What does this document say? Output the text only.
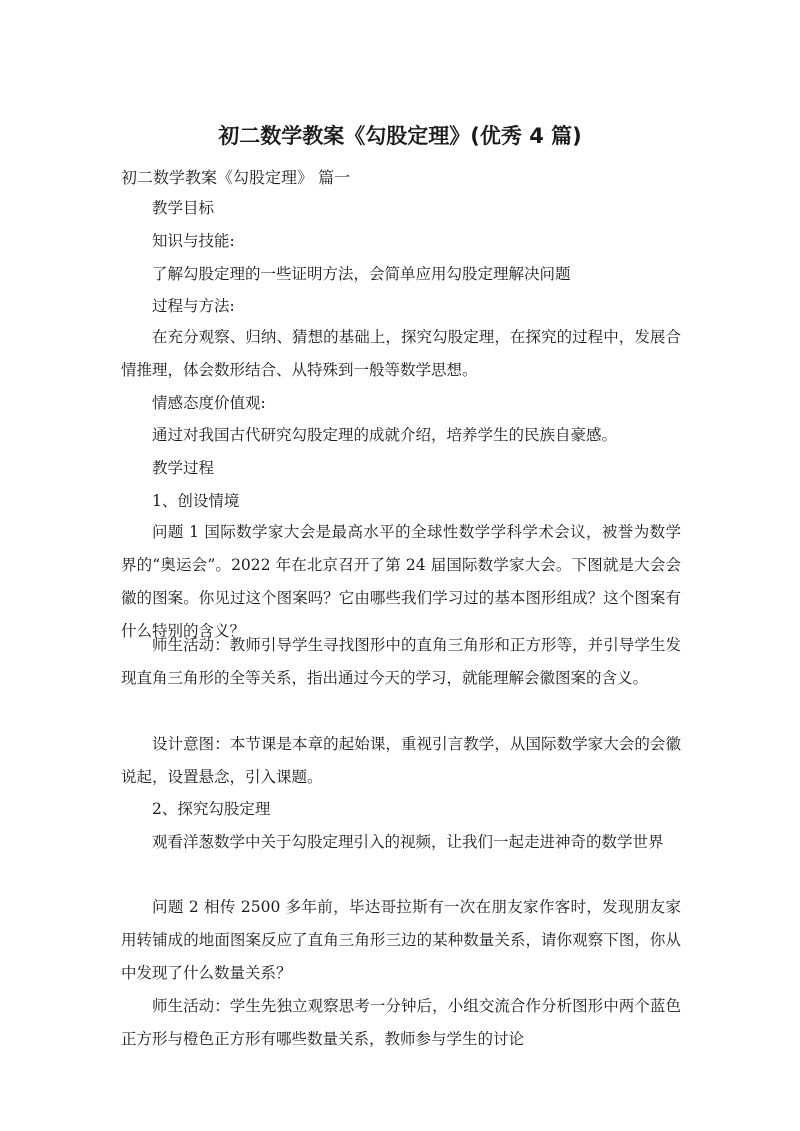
初二数学教案《勾股定理》(优秀 4 篇)

初二数学教案《勾股定理》 篇一

教学目标

知识与技能:

了解勾股定理的一些证明方法，会简单应用勾股定理解决问题

过程与方法:

在充分观察、归纳、猜想的基础上，探究勾股定理，在探究的过程中，发展合情推理，体会数形结合、从特殊到一般等数学思想。

情感态度价值观:

通过对我国古代研究勾股定理的成就介绍，培养学生的民族自豪感。

教学过程

1、创设情境

问题 1 国际数学家大会是最高水平的全球性数学学科学术会议，被誉为数学界的“奥运会”。2022 年在北京召开了第 24 届国际数学家大会。下图就是大会会徽的图案。你见过这个图案吗？它由哪些我们学习过的基本图形组成？这个图案有什么特别的含义？

师生活动：教师引导学生寻找图形中的直角三角形和正方形等，并引导学生发现直角三角形的全等关系，指出通过今天的学习，就能理解会徽图案的含义。

设计意图：本节课是本章的起始课，重视引言教学，从国际数学家大会的会徽说起，设置悬念，引入课题。

2、探究勾股定理

观看洋葱数学中关于勾股定理引入的视频，让我们一起走进神奇的数学世界

问题 2 相传 2500 多年前，毕达哥拉斯有一次在朋友家作客时，发现朋友家用转铺成的地面图案反应了直角三角形三边的某种数量关系，请你观察下图，你从中发现了什么数量关系？

师生活动：学生先独立观察思考一分钟后，小组交流合作分析图形中两个蓝色正方形与橙色正方形有哪些数量关系，教师参与学生的讨论
